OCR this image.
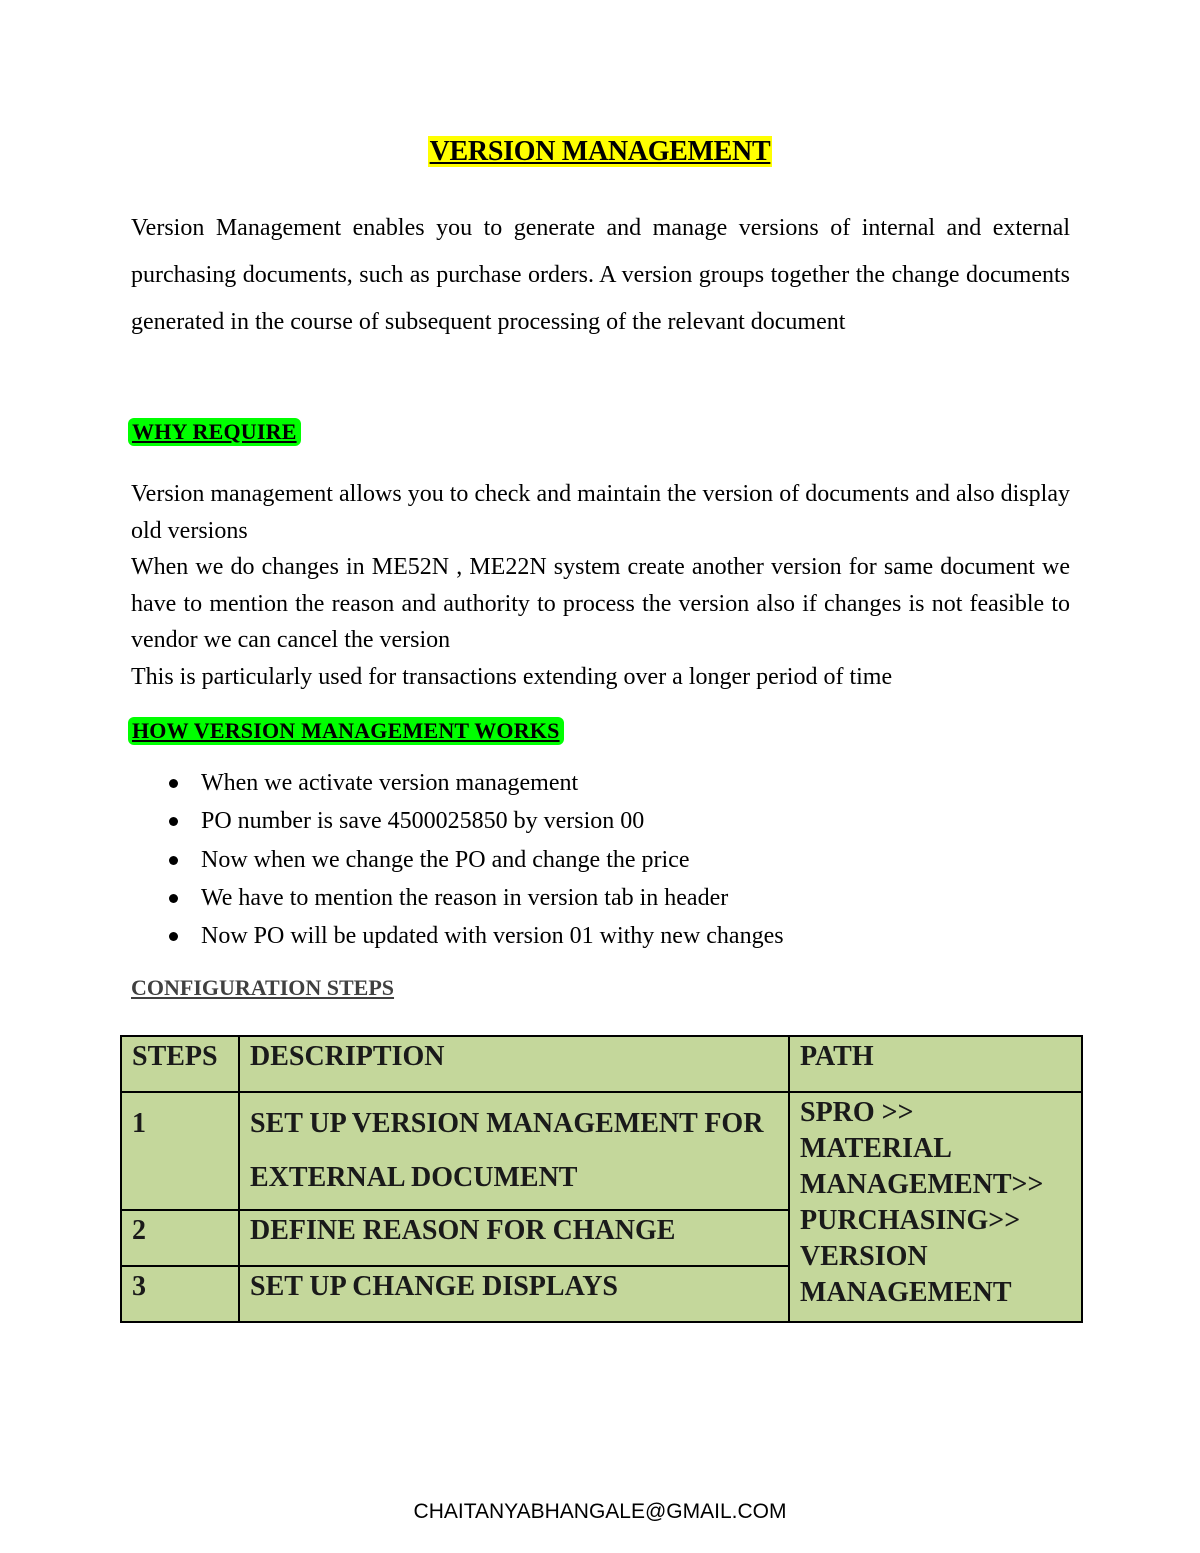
VERSION MANAGEMENT
Version Management enables you to generate and manage versions of internal and external purchasing documents, such as purchase orders. A version groups together the change documents generated in the course of subsequent processing of the relevant document
WHY REQUIRE

Version management allows you to check and maintain the version of documents and also display old versions

When we do changes in ME52N , ME22N system create another version for same document we have to mention the reason and authority to process the version also if changes is not feasible to vendor we can cancel the version

This is particularly used for transactions extending over a longer period of time

HOW VERSION MANAGEMENT WORKS
When we activate version management
PO number is save 4500025850 by version 00
Now when we change the PO and change the price
We have to mention the reason in version tab in header
Now PO will be updated with version 01 withy new changes
CONFIGURATION STEPS
STEPS	DESCRIPTION	PATH
1	SET UP VERSION MANAGEMENT FOR EXTERNAL DOCUMENT	SPRO >> MATERIAL MANAGEMENT>> PURCHASING>> VERSION MANAGEMENT
2	DEFINE REASON FOR CHANGE	
3	SET UP CHANGE DISPLAYS	
CHAITANYABHANGALE@GMAIL.COM
